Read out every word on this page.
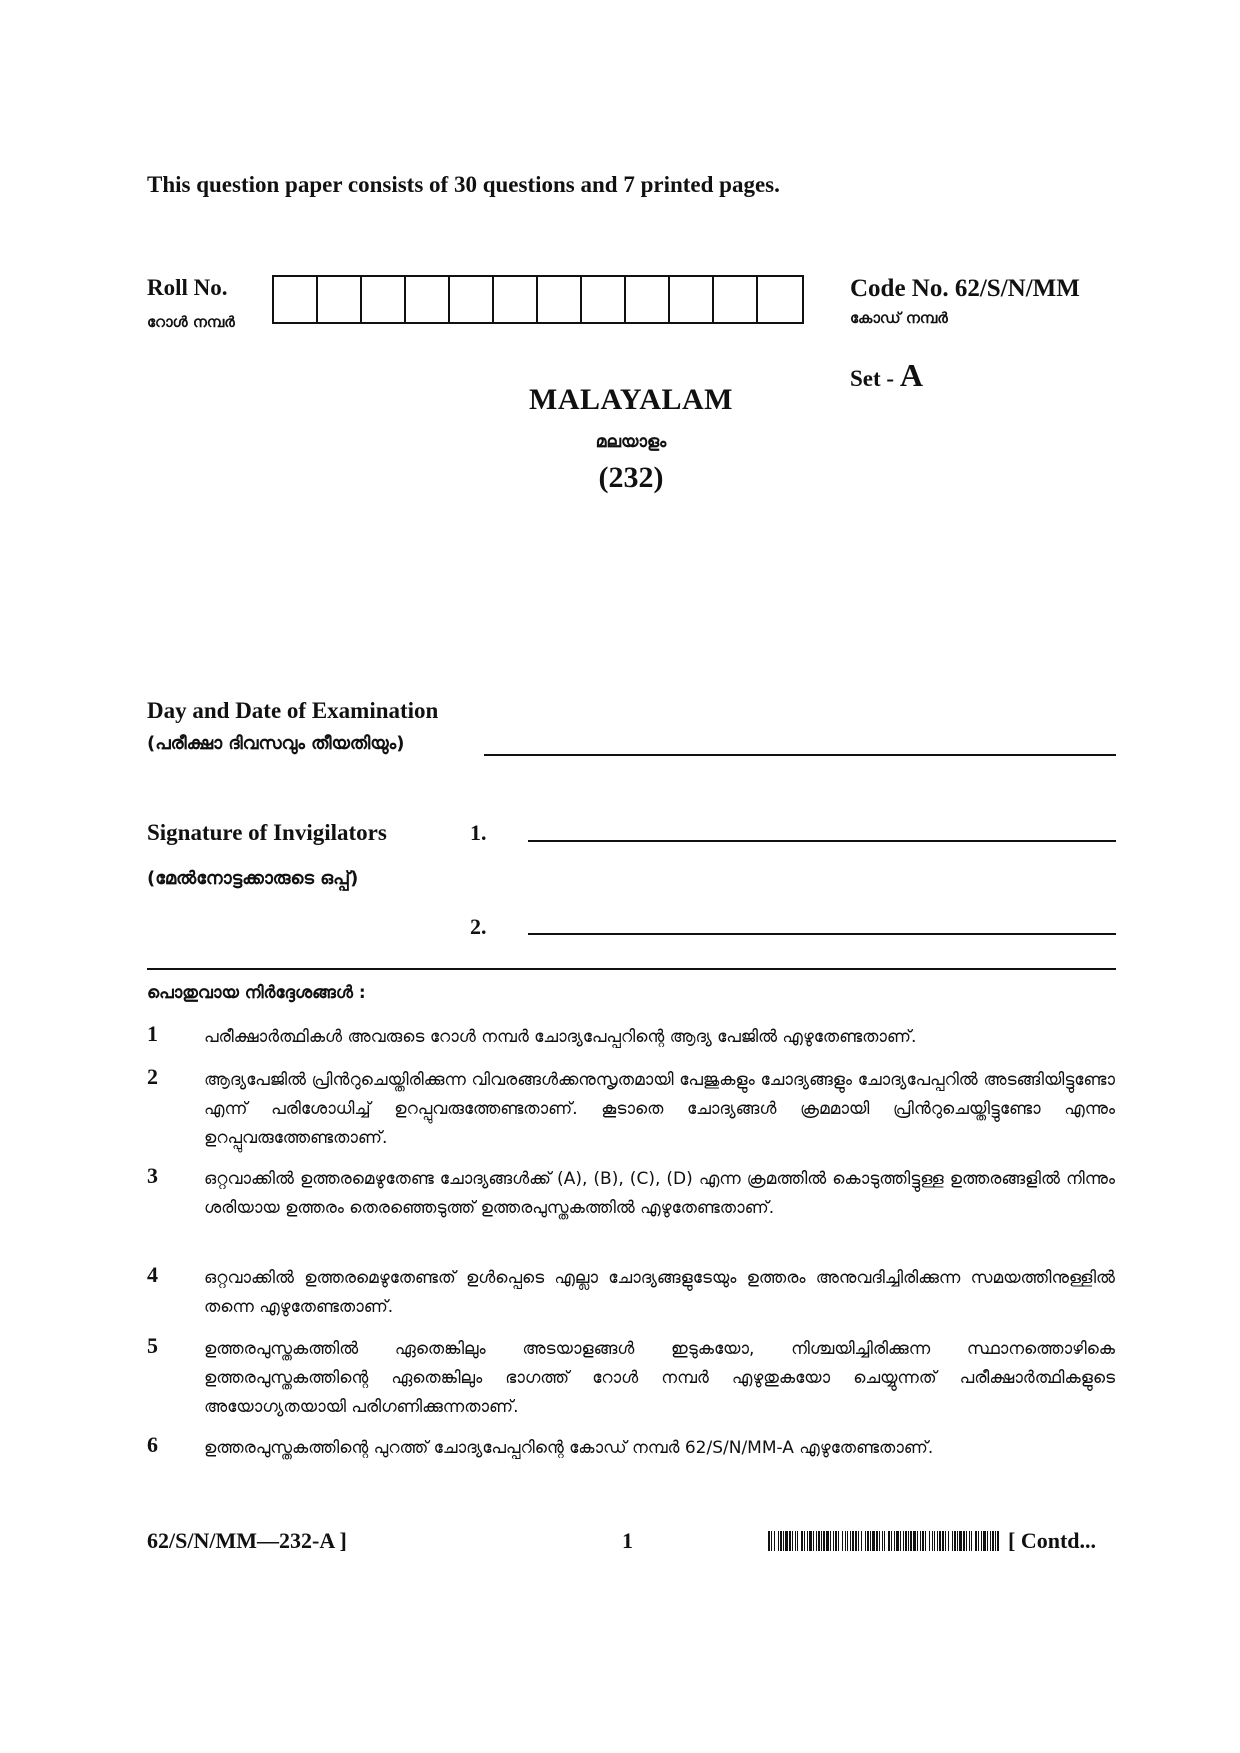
This question paper consists of 30 questions and 7 printed pages.
Roll No.
റോൾ നമ്പർ
Code No. 62/S/N/MM
കോഡ് നമ്പർ
Set - A
MALAYALAM
മലയാളം
(232)
Day and Date of Examination
(പരീക്ഷാ ദിവസവും തീയതിയും)
Signature of Invigilators	1.
(മേൽനോട്ടക്കാരുടെ ഒപ്പ്)
2.
പൊതുവായ നിർദ്ദേശങ്ങൾ :
1	പരീക്ഷാർത്ഥികൾ അവരുടെ റോൾ നമ്പർ ചോദ്യപേപ്പറിന്റെ ആദ്യ പേജിൽ എഴുതേണ്ടതാണ്.
2	ആദ്യപേജിൽ പ്രിൻറുചെയ്തിരിക്കുന്ന വിവരങ്ങൾക്കനുസൃതമായി പേജുകളും ചോദ്യങ്ങളും ചോദ്യപേപ്പറിൽ അടങ്ങിയിട്ടുണ്ടോ എന്ന് പരിശോധിച്ച് ഉറപ്പുവരുത്തേണ്ടതാണ്. കൂടാതെ ചോദ്യങ്ങൾ ക്രമമായി പ്രിൻറുചെയ്തിട്ടുണ്ടോ എന്നും ഉറപ്പുവരുത്തേണ്ടതാണ്.
3	ഒറ്റവാക്കിൽ ഉത്തരമെഴുതേണ്ട ചോദ്യങ്ങൾക്ക് (A), (B), (C), (D) എന്ന ക്രമത്തിൽ കൊടുത്തിട്ടുള്ള ഉത്തരങ്ങളിൽ നിന്നും ശരിയായ ഉത്തരം തെരഞ്ഞെടുത്ത് ഉത്തരപുസ്തകത്തിൽ എഴുതേണ്ടതാണ്.
4	ഒറ്റവാക്കിൽ ഉത്തരമെഴുതേണ്ടത് ഉൾപ്പെടെ എല്ലാ ചോദ്യങ്ങളുടേയും ഉത്തരം അനുവദിച്ചിരിക്കുന്ന സമയത്തിനുള്ളിൽ തന്നെ എഴുതേണ്ടതാണ്.
5	ഉത്തരപുസ്തകത്തിൽ ഏതെങ്കിലും അടയാളങ്ങൾ ഇടുകയോ, നിശ്ചയിച്ചിരിക്കുന്ന സ്ഥാനത്തൊഴികെ ഉത്തരപുസ്തകത്തിന്റെ ഏതെങ്കിലും ഭാഗത്ത് റോൾ നമ്പർ എഴുതുകയോ ചെയ്യുന്നത് പരീക്ഷാർത്ഥികളുടെ അയോഗ്യതയായി പരിഗണിക്കുന്നതാണ്.
6	ഉത്തരപുസ്തകത്തിന്റെ പുറത്ത് ചോദ്യപേപ്പറിന്റെ കോഡ് നമ്പർ 62/S/N/MM-A എഴുതേണ്ടതാണ്.
62/S/N/MM—232-A ]	1	[ Contd...
